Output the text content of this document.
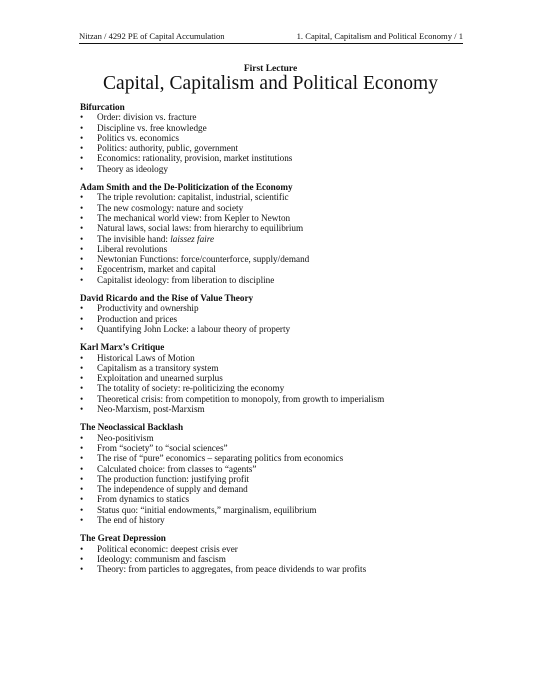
Nitzan / 4292 PE of Capital Accumulation	1. Capital, Capitalism and Political Economy / 1
First Lecture
Capital, Capitalism and Political Economy
Bifurcation
• Order: division vs. fracture
• Discipline vs. free knowledge
• Politics vs. economics
• Politics: authority, public, government
• Economics: rationality, provision, market institutions
• Theory as ideology
Adam Smith and the De-Politicization of the Economy
• The triple revolution: capitalist, industrial, scientific
• The new cosmology: nature and society
• The mechanical world view: from Kepler to Newton
• Natural laws, social laws: from hierarchy to equilibrium
• The invisible hand: laissez faire
• Liberal revolutions
• Newtonian Functions: force/counterforce, supply/demand
• Egocentrism, market and capital
• Capitalist ideology: from liberation to discipline
David Ricardo and the Rise of Value Theory
• Productivity and ownership
• Production and prices
• Quantifying John Locke: a labour theory of property
Karl Marx’s Critique
• Historical Laws of Motion
• Capitalism as a transitory system
• Exploitation and unearned surplus
• The totality of society: re-politicizing the economy
• Theoretical crisis: from competition to monopoly, from growth to imperialism
• Neo-Marxism, post-Marxism
The Neoclassical Backlash
• Neo-positivism
• From “society” to “social sciences”
• The rise of “pure” economics – separating politics from economics
• Calculated choice: from classes to “agents”
• The production function: justifying profit
• The independence of supply and demand
• From dynamics to statics
• Status quo: “initial endowments,” marginalism, equilibrium
• The end of history
The Great Depression
• Political economic: deepest crisis ever
• Ideology: communism and fascism
• Theory: from particles to aggregates, from peace dividends to war profits
